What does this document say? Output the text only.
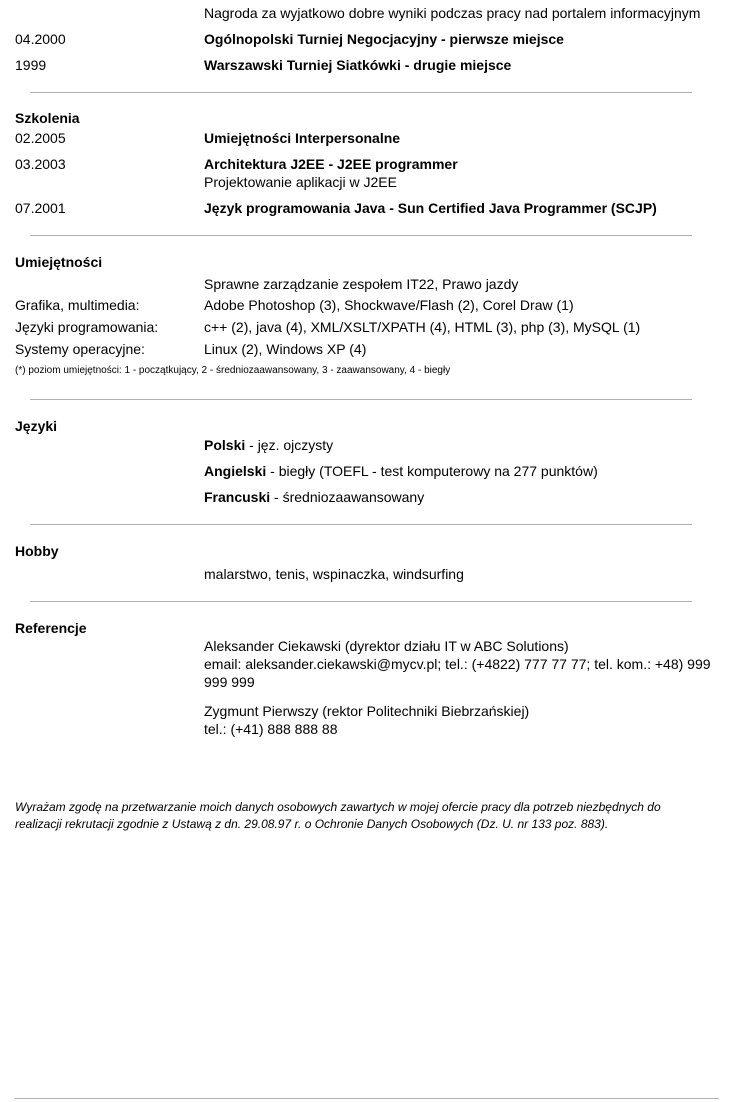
Nagroda za wyjatkowo dobre wyniki podczas pracy nad portalem informacyjnym
04.2000	Ogólnopolski Turniej Negocjacyjny - pierwsze miejsce
1999	Warszawski Turniej Siatkówki - drugie miejsce
Szkolenia
02.2005	Umiejętności Interpersonalne
03.2003	Architektura J2EE - J2EE programmer
Projektowanie aplikacji w J2EE
07.2001	Język programowania Java - Sun Certified Java Programmer (SCJP)
Umiejętności
Sprawne zarządzanie zespołem IT22, Prawo jazdy
Grafika, multimedia:	Adobe Photoshop (3), Shockwave/Flash (2), Corel Draw (1)
Języki programowania:	c++ (2), java (4), XML/XSLT/XPATH (4), HTML (3), php (3), MySQL (1)
Systemy operacyjne:	Linux (2), Windows XP (4)
(*) poziom umiejętności: 1 - początkujący, 2 - średniozaawansowany, 3 - zaawansowany, 4 - biegły
Języki
Polski - jęz. ojczysty
Angielski - biegły (TOEFL - test komputerowy na 277 punktów)
Francuski - średniozaawansowany
Hobby
malarstwo, tenis, wspinaczka, windsurfing
Referencje
Aleksander Ciekawski (dyrektor działu IT w ABC Solutions)
email: aleksander.ciekawski@mycv.pl; tel.: (+4822) 777 77 77; tel. kom.: +48) 999
999 999
Zygmunt Pierwszy (rektor Politechniki Biebrzańskiej)
tel.: (+41) 888 888 88
Wyrażam zgodę na przetwarzanie moich danych osobowych zawartych w mojej ofercie pracy dla potrzeb niezbędnych do
realizacji rekrutacji zgodnie z Ustawą z dn. 29.08.97 r. o Ochronie Danych Osobowych (Dz. U. nr 133 poz. 883).
